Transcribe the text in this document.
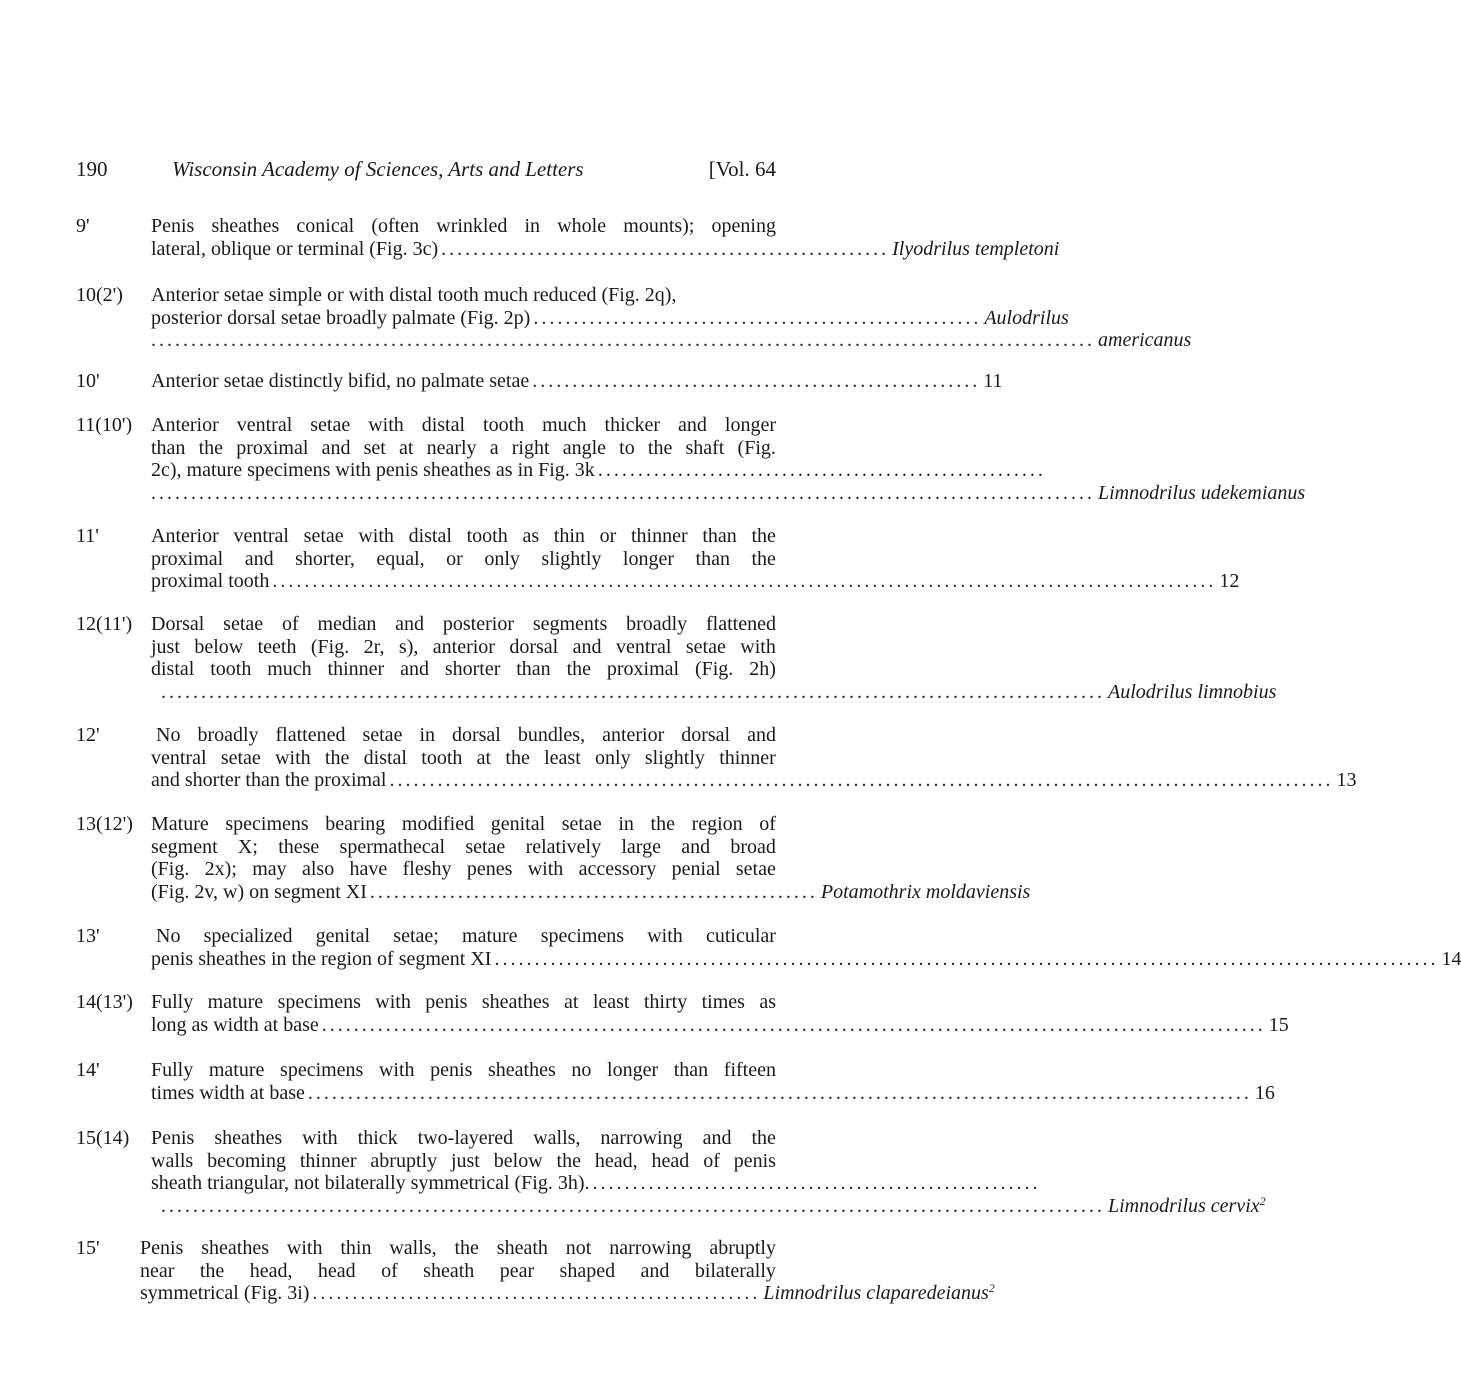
190	Wisconsin Academy of Sciences, Arts and Letters	[Vol. 64
9'	Penis sheathes conical (often wrinkled in whole mounts); opening
lateral, oblique or terminal (Fig. 3c) ........................................................ Ilyodrilus templetoni
10(2') Anterior setae simple or with distal tooth much reduced (Fig. 2q),
posterior dorsal setae broadly palmate (Fig. 2p) ........................................................ Aulodrilus
...................................................................................................................... americanus
10'	Anterior setae distinctly bifid, no palmate setae ........................................................ 11
11(10') Anterior ventral setae with distal tooth much thicker and longer
than the proximal and set at nearly a right angle to the shaft (Fig.
2c), mature specimens with penis sheathes as in Fig. 3k ........................................................
...................................................................................................................... Limnodrilus udekemianus
11'	Anterior ventral setae with distal tooth as thin or thinner than the
proximal and shorter, equal, or only slightly longer than the
proximal tooth ...................................................................................................................... 12
12(11') Dorsal setae of median and posterior segments broadly flattened
just below teeth (Fig. 2r, s), anterior dorsal and ventral setae with
distal tooth much thinner and shorter than the proximal (Fig. 2h)
...................................................................................................................... Aulodrilus limnobius
12'	No broadly flattened setae in dorsal bundles, anterior dorsal and
ventral setae with the distal tooth at the least only slightly thinner
and shorter than the proximal ...................................................................................................................... 13
13(12') Mature specimens bearing modified genital setae in the region of
segment X; these spermathecal setae relatively large and broad
(Fig. 2x); may also have fleshy penes with accessory penial setae
(Fig. 2v, w) on segment XI ........................................................ Potamothrix moldaviensis
13'	No specialized genital setae; mature specimens with cuticular
penis sheathes in the region of segment XI ...................................................................................................................... 14
14(13') Fully mature specimens with penis sheathes at least thirty times as
long as width at base ...................................................................................................................... 15
14'	Fully mature specimens with penis sheathes no longer than fifteen
times width at base ...................................................................................................................... 16
15(14) Penis sheathes with thick two-layered walls, narrowing and the
walls becoming thinner abruptly just below the head, head of penis
sheath triangular, not bilaterally symmetrical (Fig. 3h). ........................................................
...................................................................................................................... Limnodrilus cervix$^2$
15' Penis sheathes with thin walls, the sheath not narrowing abruptly
near the head, head of sheath pear shaped and bilaterally
symmetrical (Fig. 3i) ........................................................ Limnodrilus claparedeianus$^2$
